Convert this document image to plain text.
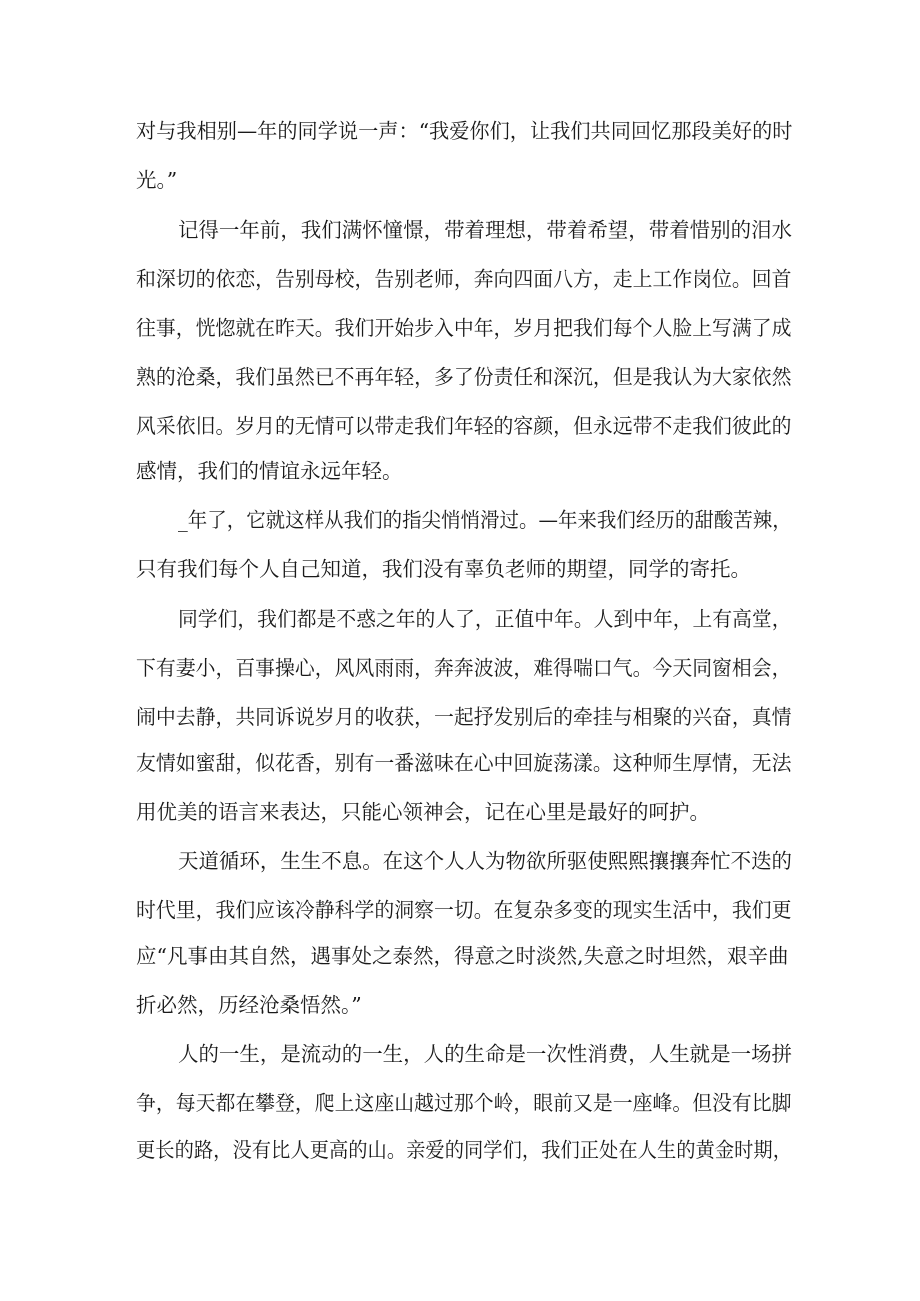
对与我相别—年的同学说一声：“我爱你们，让我们共同回忆那段美好的时

光。”

记得一年前，我们满怀憧憬，带着理想，带着希望，带着惜别的泪水

和深切的依恋，告别母校，告别老师，奔向四面八方，走上工作岗位。回首

往事，恍惚就在昨天。我们开始步入中年，岁月把我们每个人脸上写满了成

熟的沧桑，我们虽然已不再年轻，多了份责任和深沉，但是我认为大家依然

风采依旧。岁月的无情可以带走我们年轻的容颜，但永远带不走我们彼此的

感情，我们的情谊永远年轻。

_年了，它就这样从我们的指尖悄悄滑过。—年来我们经历的甜酸苦辣，

只有我们每个人自己知道，我们没有辜负老师的期望，同学的寄托。

同学们，我们都是不惑之年的人了，正值中年。人到中年，上有高堂，

下有妻小，百事操心，风风雨雨，奔奔波波，难得喘口气。今天同窗相会，

闹中去静，共同诉说岁月的收获，一起抒发别后的牵挂与相聚的兴奋，真情

友情如蜜甜，似花香，别有一番滋味在心中回旋荡漾。这种师生厚情，无法

用优美的语言来表达，只能心领神会，记在心里是最好的呵护。

天道循环，生生不息。在这个人人为物欲所驱使熙熙攘攘奔忙不迭的

时代里，我们应该冷静科学的洞察一切。在复杂多变的现实生活中，我们更

应“凡事由其自然，遇事处之泰然，得意之时淡然,失意之时坦然，艰辛曲

折必然，历经沧桑悟然。”

人的一生，是流动的一生，人的生命是一次性消费，人生就是一场拼

争，每天都在攀登，爬上这座山越过那个岭，眼前又是一座峰。但没有比脚

更长的路，没有比人更高的山。亲爱的同学们，我们正处在人生的黄金时期，
